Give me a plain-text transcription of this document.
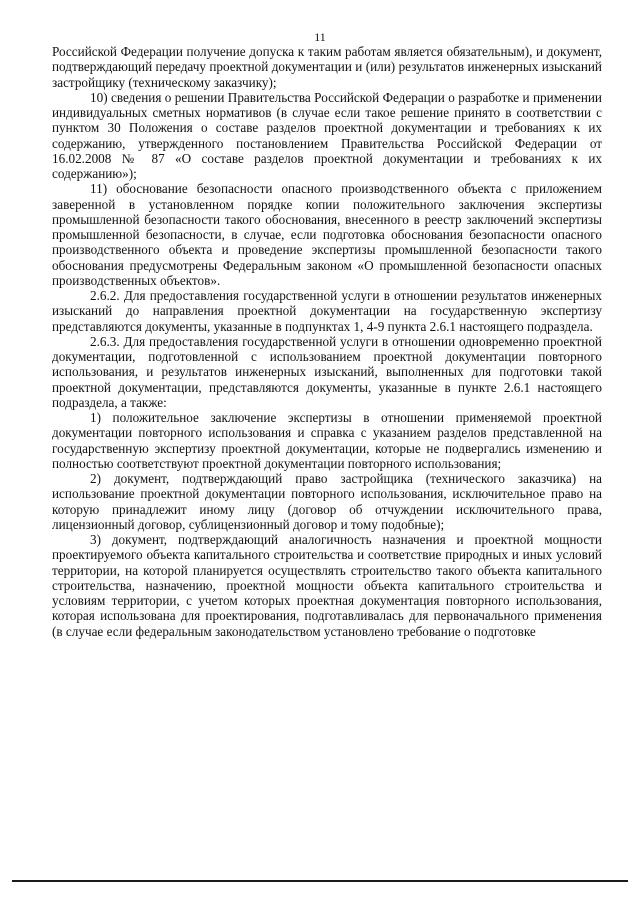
11

Российской Федерации получение допуска к таким работам является обязательным), и документ, подтверждающий передачу проектной документации и (или) результатов инженерных изысканий застройщику (техническому заказчику);

10) сведения о решении Правительства Российской Федерации о разработке и применении индивидуальных сметных нормативов (в случае если такое решение принято в соответствии с пунктом 30 Положения о составе разделов проектной документации и требованиях к их содержанию, утвержденного постановлением Правительства Российской Федерации от 16.02.2008 № 87 «О составе разделов проектной документации и требованиях к их содержанию»);

11) обоснование безопасности опасного производственного объекта с приложением заверенной в установленном порядке копии положительного заключения экспертизы промышленной безопасности такого обоснования, внесенного в реестр заключений экспертизы промышленной безопасности, в случае, если подготовка обоснования безопасности опасного производственного объекта и проведение экспертизы промышленной безопасности такого обоснования предусмотрены Федеральным законом «О промышленной безопасности опасных производственных объектов».

2.6.2. Для предоставления государственной услуги в отношении результатов инженерных изысканий до направления проектной документации на государственную экспертизу представляются документы, указанные в подпунктах 1, 4-9 пункта 2.6.1 настоящего подраздела.

2.6.3. Для предоставления государственной услуги в отношении одновременно проектной документации, подготовленной с использованием проектной документации повторного использования, и результатов инженерных изысканий, выполненных для подготовки такой проектной документации, представляются документы, указанные в пункте 2.6.1 настоящего подраздела, а также:

1) положительное заключение экспертизы в отношении применяемой проектной документации повторного использования и справка с указанием разделов представленной на государственную экспертизу проектной документации, которые не подвергались изменению и полностью соответствуют проектной документации повторного использования;

2) документ, подтверждающий право застройщика (технического заказчика) на использование проектной документации повторного использования, исключительное право на которую принадлежит иному лицу (договор об отчуждении исключительного права, лицензионный договор, сублицензионный договор и тому подобные);

3) документ, подтверждающий аналогичность назначения и проектной мощности проектируемого объекта капитального строительства и соответствие природных и иных условий территории, на которой планируется осуществлять строительство такого объекта капитального строительства, назначению, проектной мощности объекта капитального строительства и условиям территории, с учетом которых проектная документация повторного использования, которая использована для проектирования, подготавливалась для первоначального применения (в случае если федеральным законодательством установлено требование о подготовке
